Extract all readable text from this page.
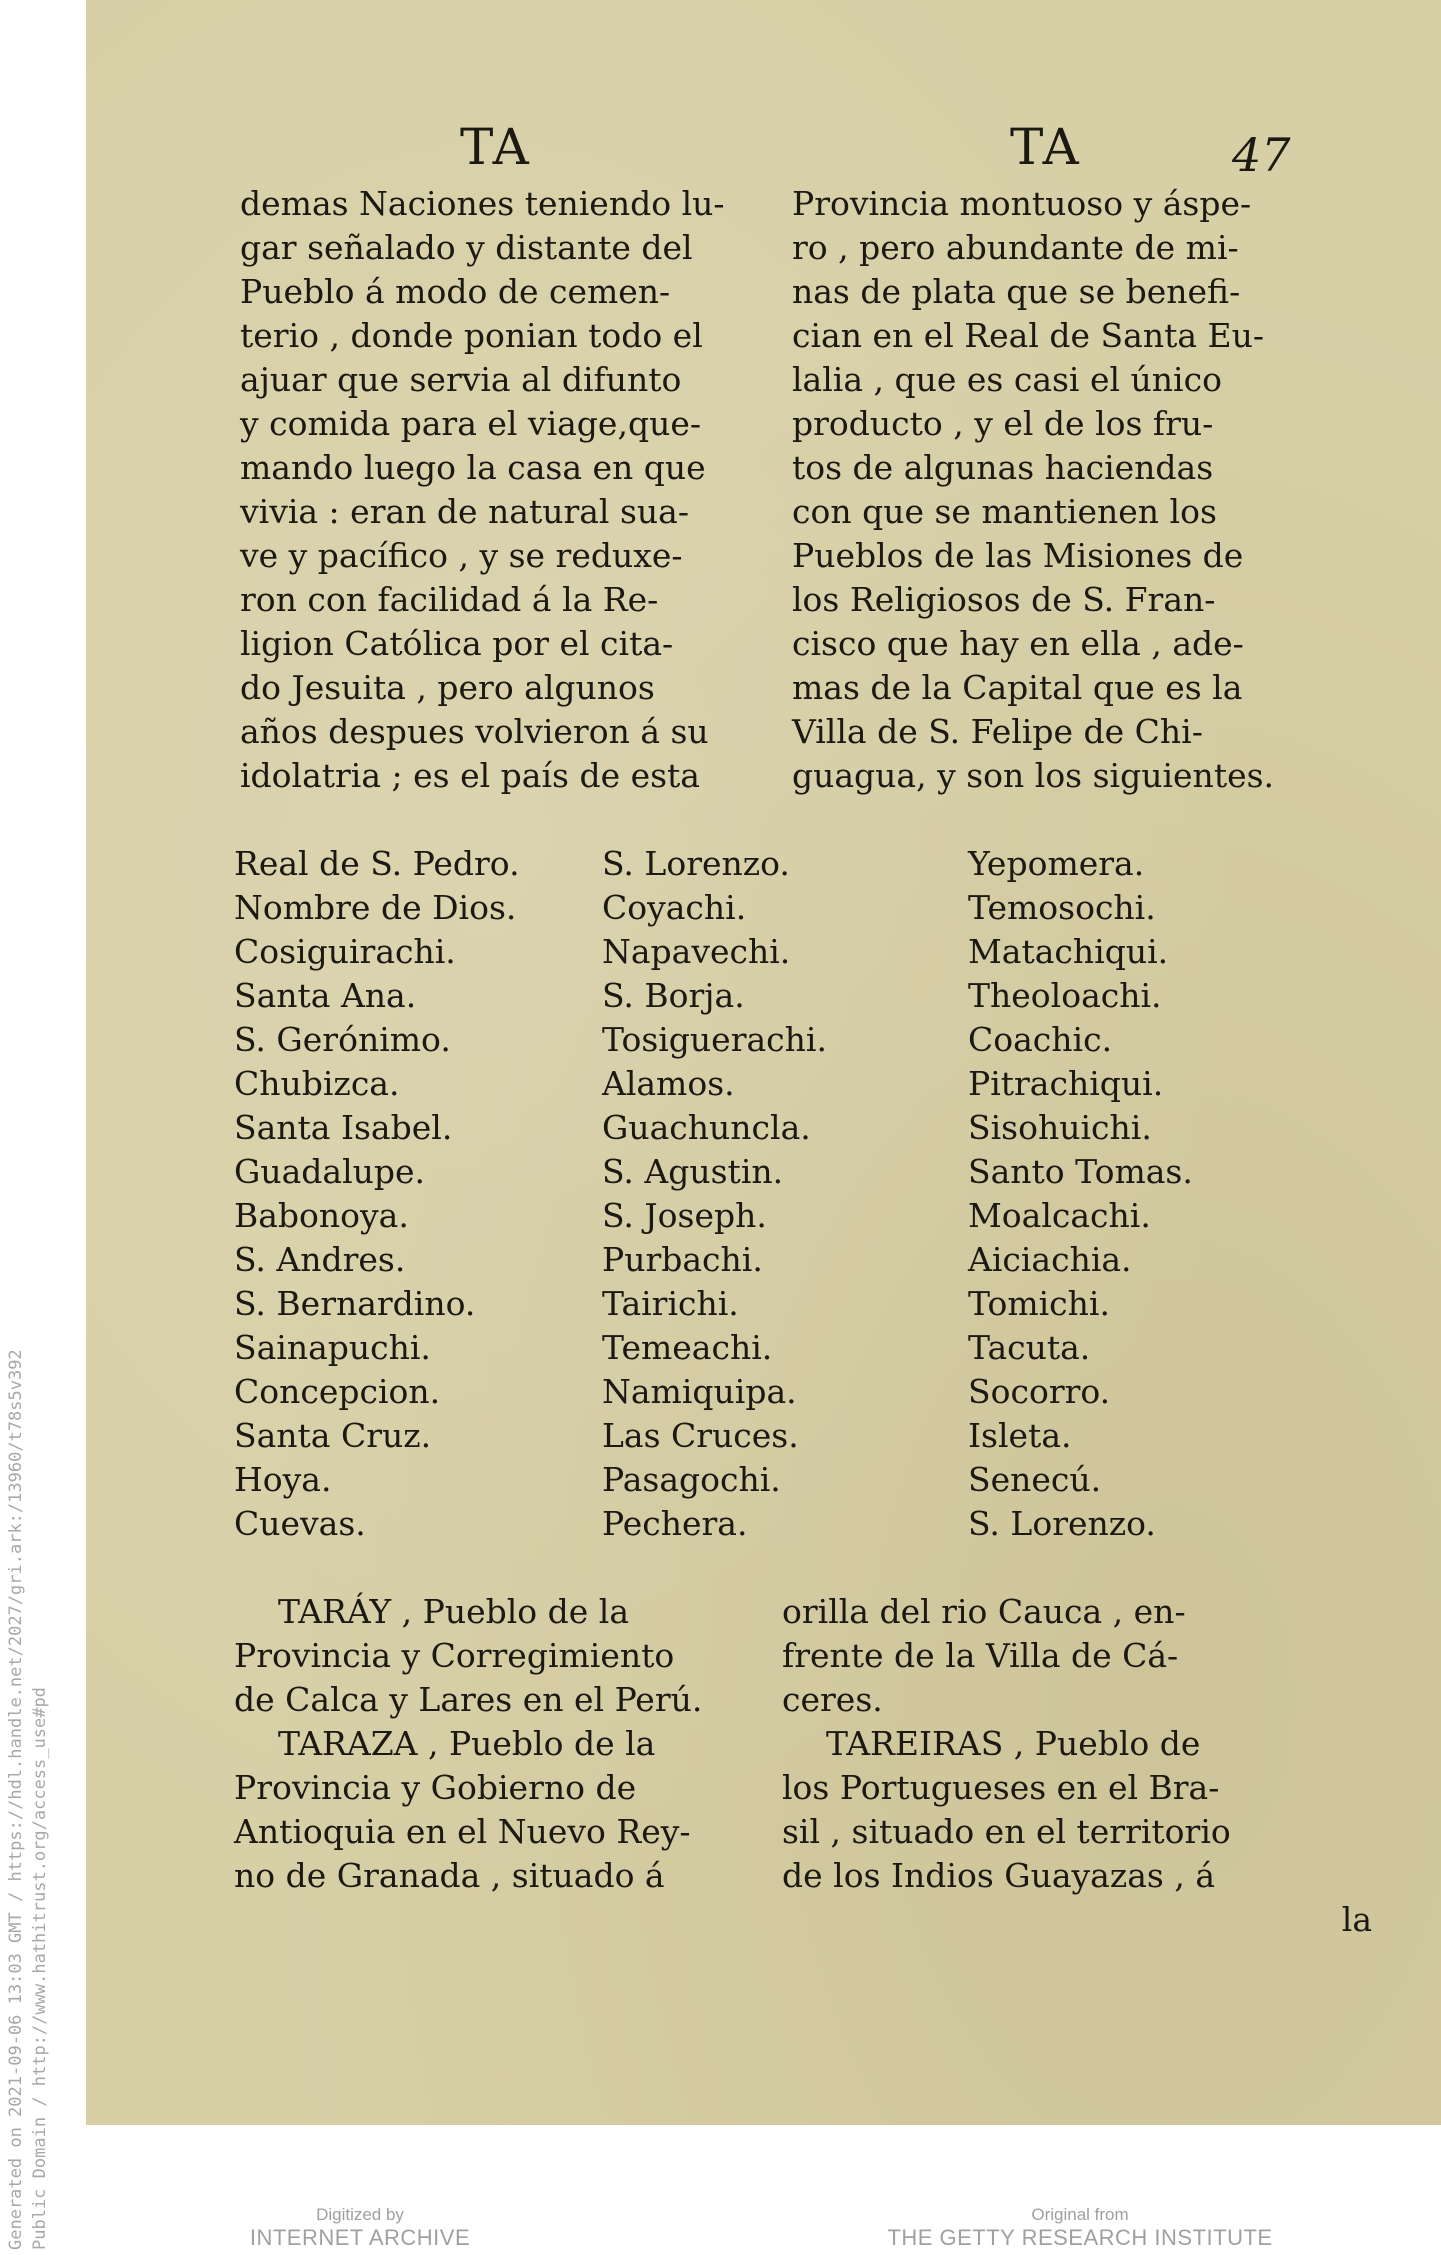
Generated on 2021-09-06 13:03 GMT / https://hdl.handle.net/2027/gri.ark:/13960/t78s5v392 Public Domain / http://www.hathitrust.org/access_use#pd
TA	TA	47
demas Naciones teniendo lu-
gar señalado y distante del
Pueblo á modo de cemen-
terio , donde ponian todo el
ajuar que servia al difunto
y comida para el viage,que-
mando luego la casa en que
vivia : eran de natural sua-
ve y pacífico , y se reduxe-
ron con facilidad á la Re-
ligion Católica por el cita-
do Jesuita , pero algunos
años despues volvieron á su
idolatria ; es el país de esta
Provincia montuoso y áspe-
ro , pero abundante de mi-
nas de plata que se benefi-
cian en el Real de Santa Eu-
lalia , que es casi el único
producto , y el de los fru-
tos de algunas haciendas
con que se mantienen los
Pueblos de las Misiones de
los Religiosos de S. Fran-
cisco que hay en ella , ade-
mas de la Capital que es la
Villa de S. Felipe de Chi-
guagua, y son los siguientes.
Real de S. Pedro.
Nombre de Dios.
Cosiguirachi.
Santa Ana.
S. Gerónimo.
Chubizca.
Santa Isabel.
Guadalupe.
Babonoya.
S. Andres.
S. Bernardino.
Sainapuchi.
Concepcion.
Santa Cruz.
Hoya.
Cuevas.
S. Lorenzo.
Coyachi.
Napavechi.
S. Borja.
Tosiguerachi.
Alamos.
Guachuncla.
S. Agustin.
S. Joseph.
Purbachi.
Tairichi.
Temeachi.
Namiquipa.
Las Cruces.
Pasagochi.
Pechera.
Yepomera.
Temosochi.
Matachiqui.
Theoloachi.
Coachic.
Pitrachiqui.
Sisohuichi.
Santo Tomas.
Moalcachi.
Aiciachia.
Tomichi.
Tacuta.
Socorro.
Isleta.
Senecú.
S. Lorenzo.
TARÁY , Pueblo de la
Provincia y Corregimiento
de Calca y Lares en el Perú.
TARAZA , Pueblo de la
Provincia y Gobierno de
Antioquia en el Nuevo Rey-
no de Granada , situado á
orilla del rio Cauca , en-
frente de la Villa de Cá-
ceres.
TAREIRAS , Pueblo de
los Portugueses en el Bra-
sil , situado en el territorio
de los Indios Guayazas , á
la
Digitized by
INTERNET ARCHIVE
Original from
THE GETTY RESEARCH INSTITUTE
